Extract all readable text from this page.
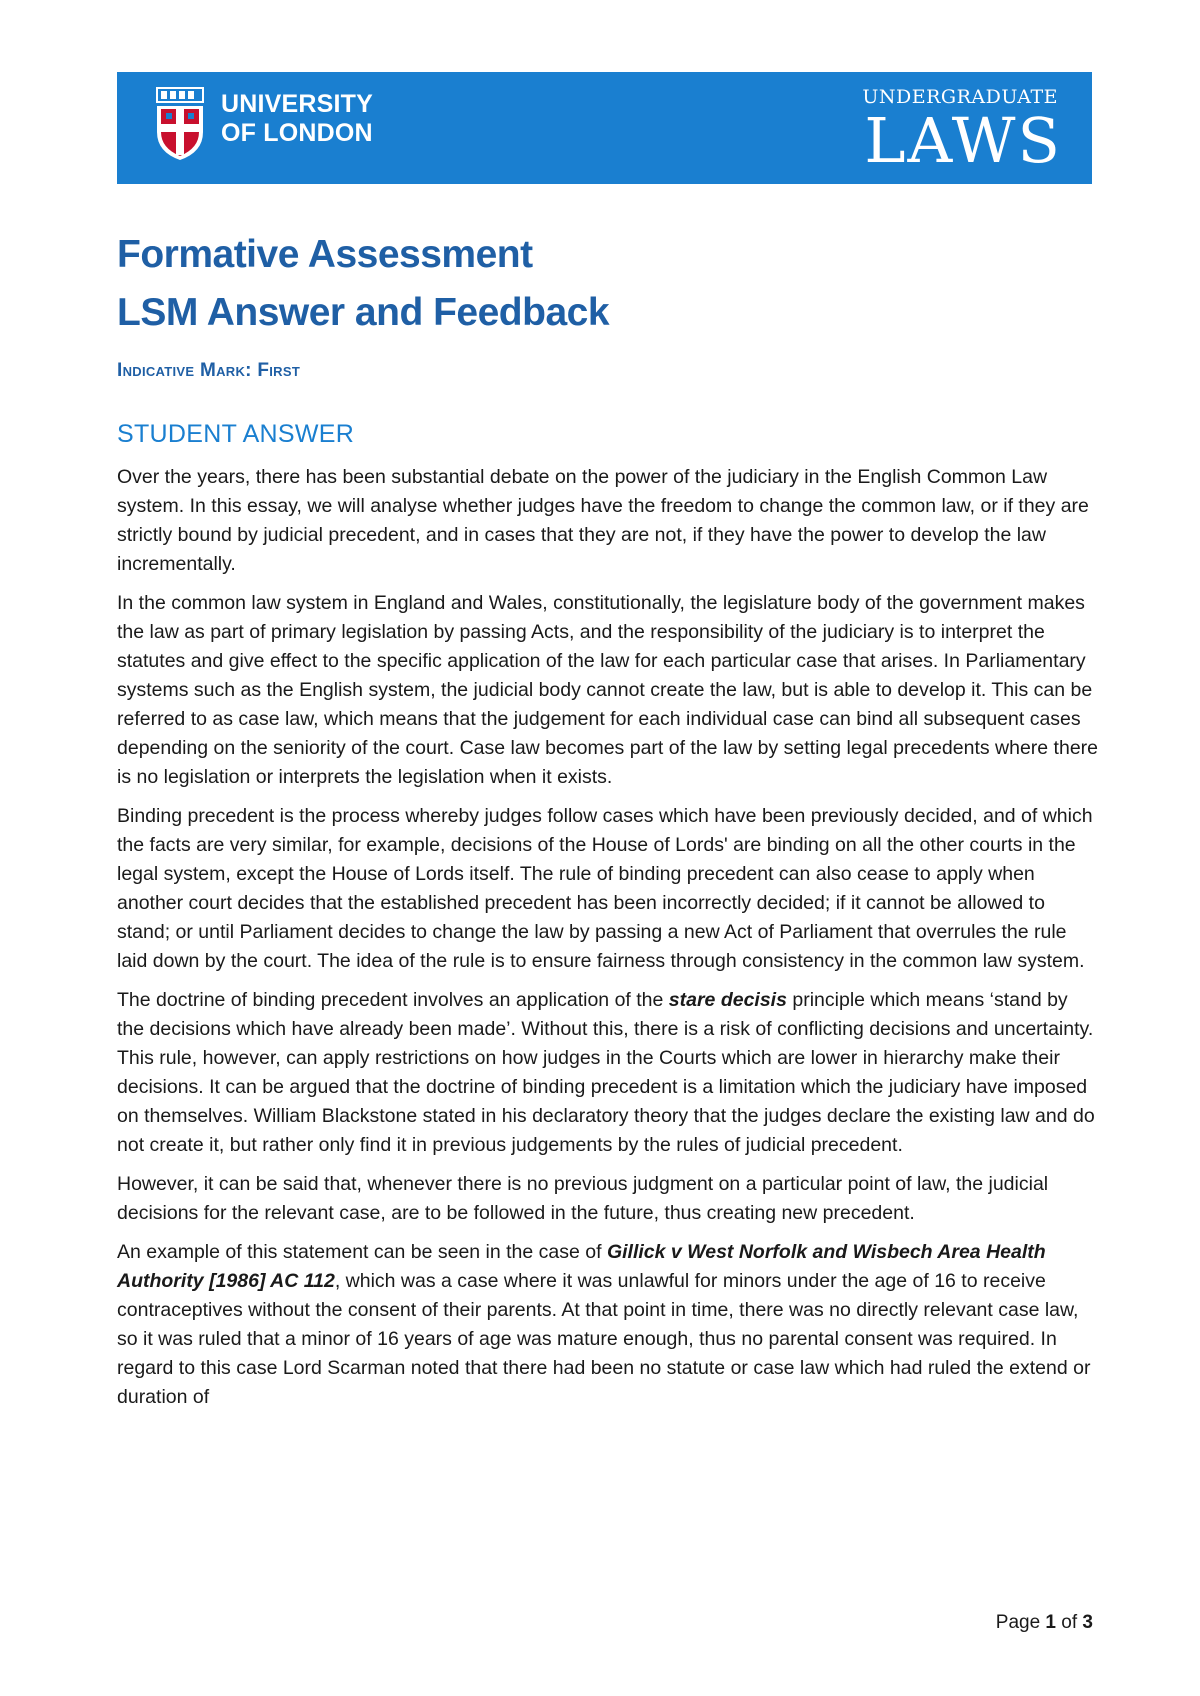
UNIVERSITY
OF LONDON
UNDERGRADUATE
LAWS
Formative Assessment
LSM Answer and Feedback
Indicative Mark: First
STUDENT ANSWER

Over the years, there has been substantial debate on the power of the judiciary in the English Common Law system. In this essay, we will analyse whether judges have the freedom to change the common law, or if they are strictly bound by judicial precedent, and in cases that they are not, if they have the power to develop the law incrementally.

In the common law system in England and Wales, constitutionally, the legislature body of the government makes the law as part of primary legislation by passing Acts, and the responsibility of the judiciary is to interpret the statutes and give effect to the specific application of the law for each particular case that arises. In Parliamentary systems such as the English system, the judicial body cannot create the law, but is able to develop it. This can be referred to as case law, which means that the judgement for each individual case can bind all subsequent cases depending on the seniority of the court. Case law becomes part of the law by setting legal precedents where there is no legislation or interprets the legislation when it exists.

Binding precedent is the process whereby judges follow cases which have been previously decided, and of which the facts are very similar, for example, decisions of the House of Lords' are binding on all the other courts in the legal system, except the House of Lords itself. The rule of binding precedent can also cease to apply when another court decides that the established precedent has been incorrectly decided; if it cannot be allowed to stand; or until Parliament decides to change the law by passing a new Act of Parliament that overrules the rule laid down by the court. The idea of the rule is to ensure fairness through consistency in the common law system.

The doctrine of binding precedent involves an application of the stare decisis principle which means ‘stand by the decisions which have already been made’. Without this, there is a risk of conflicting decisions and uncertainty. This rule, however, can apply restrictions on how judges in the Courts which are lower in hierarchy make their decisions. It can be argued that the doctrine of binding precedent is a limitation which the judiciary have imposed on themselves. William Blackstone stated in his declaratory theory that the judges declare the existing law and do not create it, but rather only find it in previous judgements by the rules of judicial precedent.

However, it can be said that, whenever there is no previous judgment on a particular point of law, the judicial decisions for the relevant case, are to be followed in the future, thus creating new precedent.

An example of this statement can be seen in the case of Gillick v West Norfolk and Wisbech Area Health Authority [1986] AC 112, which was a case where it was unlawful for minors under the age of 16 to receive contraceptives without the consent of their parents. At that point in time, there was no directly relevant case law, so it was ruled that a minor of 16 years of age was mature enough, thus no parental consent was required. In regard to this case Lord Scarman noted that there had been no statute or case law which had ruled the extend or duration of

Page 1 of 3
